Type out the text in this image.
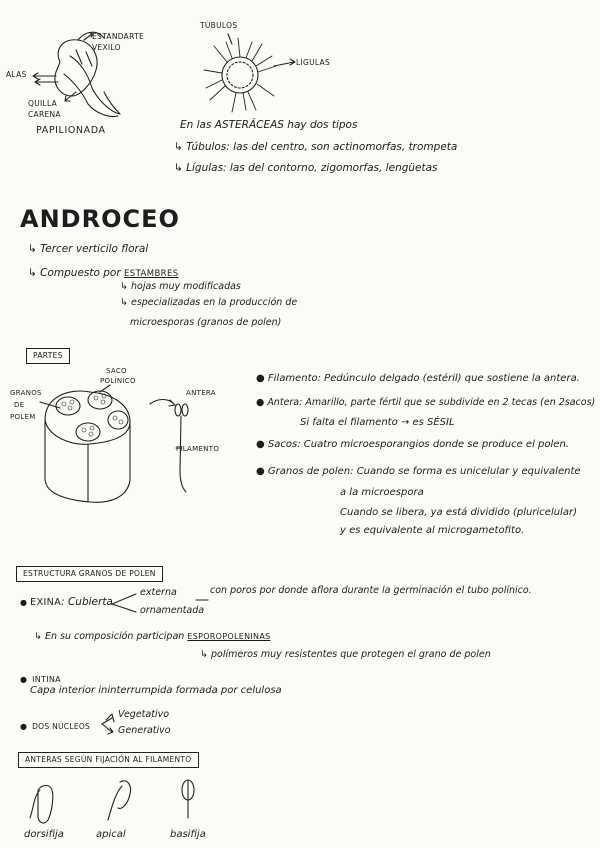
ESTANDARTE
VEXILO
ALAS
QUILLA
CARENA
PAPILIONADA
TÚBULOS
LÍGULAS
En las ASTERÁCEAS hay dos tipos
↳ Túbulos: las del centro, son actinomorfas, trompeta
↳ Lígulas: las del contorno, zigomorfas, lengüetas
ANDROCEO
↳ Tercer verticilo floral
↳ Compuesto por ESTAMBRES
↳ hojas muy modificadas
↳ especializadas en la producción de
microesporas (granos de polen)
PARTES
SACO
POLÍNICO
GRANOS
DE
POLEM
ANTERA
FILAMENTO
● Filamento: Pedúnculo delgado (estéril) que sostiene la antera.
● Antera: Amarillo, parte fértil que se subdivide en 2 tecas (en 2sacos)
Si falta el filamento → es SÉSIL
● Sacos: Cuatro microesporangios donde se produce el polen.
● Granos de polen: Cuando se forma es unicelular y equivalente
a la microespora
Cuando se libera, ya está dividido (pluricelular)
y es equivalente al microgametofito.
ESTRUCTURA GRANOS DE POLEN
● EXINA: Cubierta
externa
ornamentada
con poros por donde aflora durante la germinación el tubo polínico.
↳ En su composición participan ESPOROPOLENINAS
↳ polímeros muy resistentes que protegen el grano de polen
● INTINA
Capa interior ininterrumpida formada por celulosa
● DOS NÚCLEOS
Vegetativo
Generativo
ANTERAS SEGÚN FIJACIÓN AL FILAMENTO
dorsifija	apical	basifija
